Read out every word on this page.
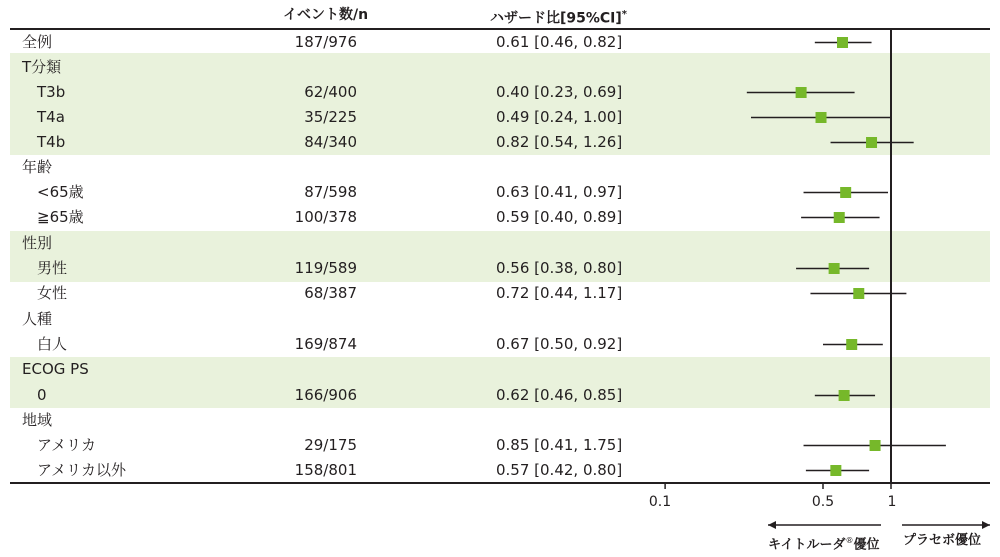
イベント数/n	ハザード比[95%CI]*
全例	187/976	0.61 [0.46, 0.82]
T分類
T3b	62/400	0.40 [0.23, 0.69]
T4a	35/225	0.49 [0.24, 1.00]
T4b	84/340	0.82 [0.54, 1.26]
年齢
<65歳	87/598	0.63 [0.41, 0.97]
≧65歳	100/378	0.59 [0.40, 0.89]
性別
男性	119/589	0.56 [0.38, 0.80]
女性	68/387	0.72 [0.44, 1.17]
人種
白人	169/874	0.67 [0.50, 0.92]
ECOG PS
0	166/906	0.62 [0.46, 0.85]
地域
アメリカ	29/175	0.85 [0.41, 1.75]
アメリカ以外	158/801	0.57 [0.42, 0.80]
0.1	0.5	1
キイトルーダ®優位 プラセボ優位
